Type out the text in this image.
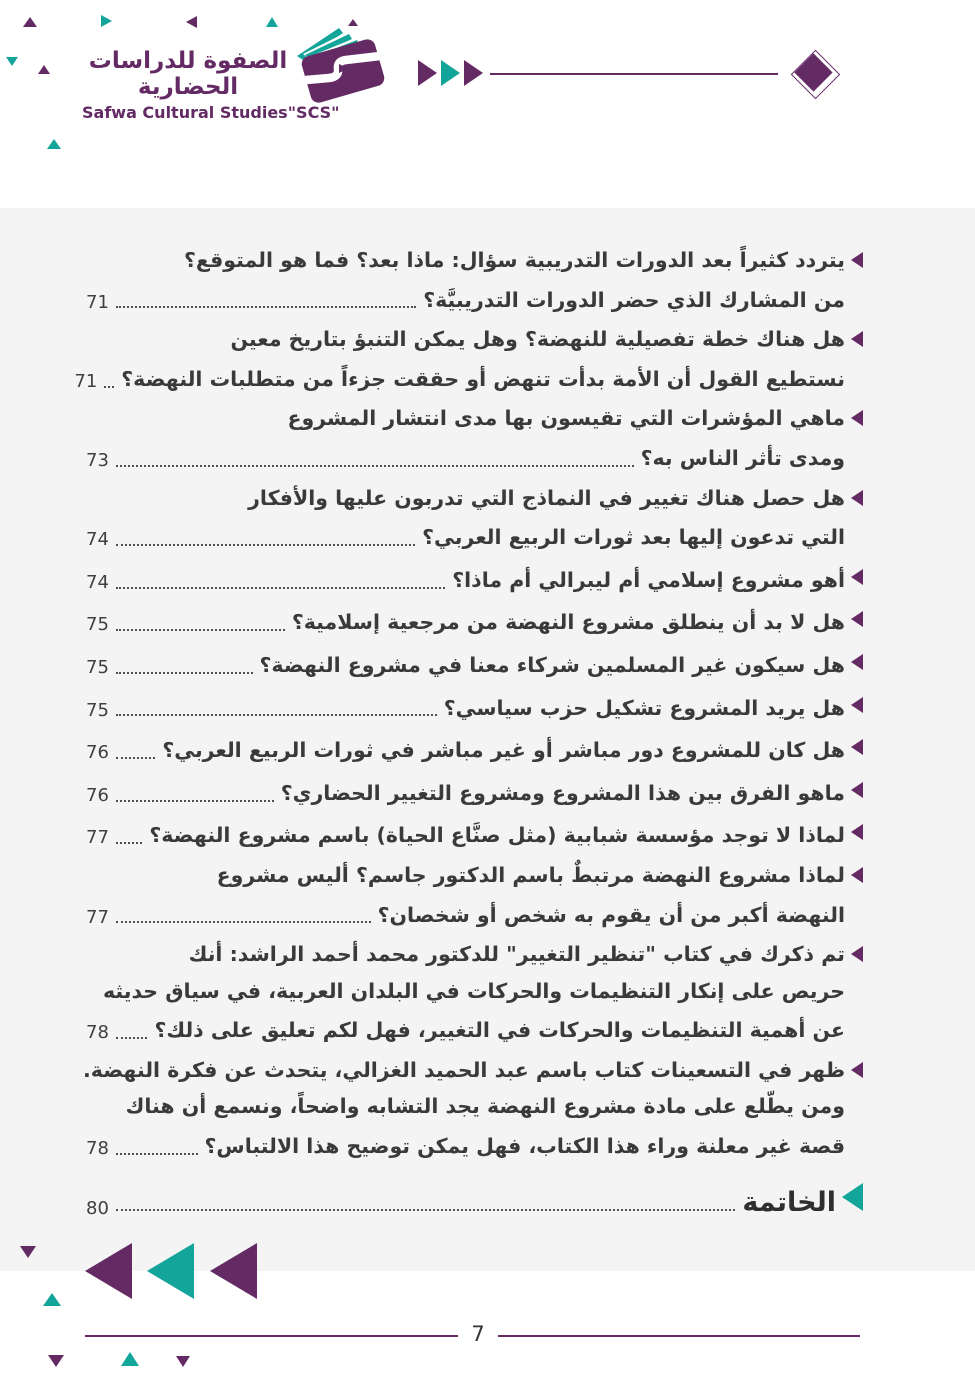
الصفوة للدراسات الحضارية
Safwa Cultural Studies"SCS"
يتردد كثيراً بعد الدورات التدريبية سؤال: ماذا بعد؟ فما هو المتوقع؟
من المشارك الذي حضر الدورات التدريبيَّة؟
71
هل هناك خطة تفصيلية للنهضة؟ وهل يمكن التنبؤ بتاريخ معين
نستطيع القول أن الأمة بدأت تنهض أو حققت جزءاً من متطلبات النهضة؟
71
ماهي المؤشرات التي تقيسون بها مدى انتشار المشروع
ومدى تأثر الناس به؟
73
هل حصل هناك تغيير في النماذج التي تدربون عليها والأفكار
التي تدعون إليها بعد ثورات الربيع العربي؟
74
أهو مشروع إسلامي أم ليبرالي أم ماذا؟
74
هل لا بد أن ينطلق مشروع النهضة من مرجعية إسلامية؟
75
هل سيكون غير المسلمين شركاء معنا في مشروع النهضة؟
75
هل يريد المشروع تشكيل حزب سياسي؟
75
هل كان للمشروع دور مباشر أو غير مباشر في ثورات الربيع العربي؟
76
ماهو الفرق بين هذا المشروع ومشروع التغيير الحضاري؟
76
لماذا لا توجد مؤسسة شبابية (مثل صنَّاع الحياة) باسم مشروع النهضة؟
77
لماذا مشروع النهضة مرتبطٌ باسم الدكتور جاسم؟ أليس مشروع
النهضة أكبر من أن يقوم به شخص أو شخصان؟
77
تم ذكرك في كتاب "تنظير التغيير" للدكتور محمد أحمد الراشد: أنك
حريص على إنكار التنظيمات والحركات في البلدان العربية، في سياق حديثه
عن أهمية التنظيمات والحركات في التغيير، فهل لكم تعليق على ذلك؟
78
ظهر في التسعينات كتاب باسم عبد الحميد الغزالي، يتحدث عن فكرة النهضة.
ومن يطّلع على مادة مشروع النهضة يجد التشابه واضحاً، ونسمع أن هناك
قصة غير معلنة وراء هذا الكتاب، فهل يمكن توضيح هذا الالتباس؟
78
الخاتمة
80
7
